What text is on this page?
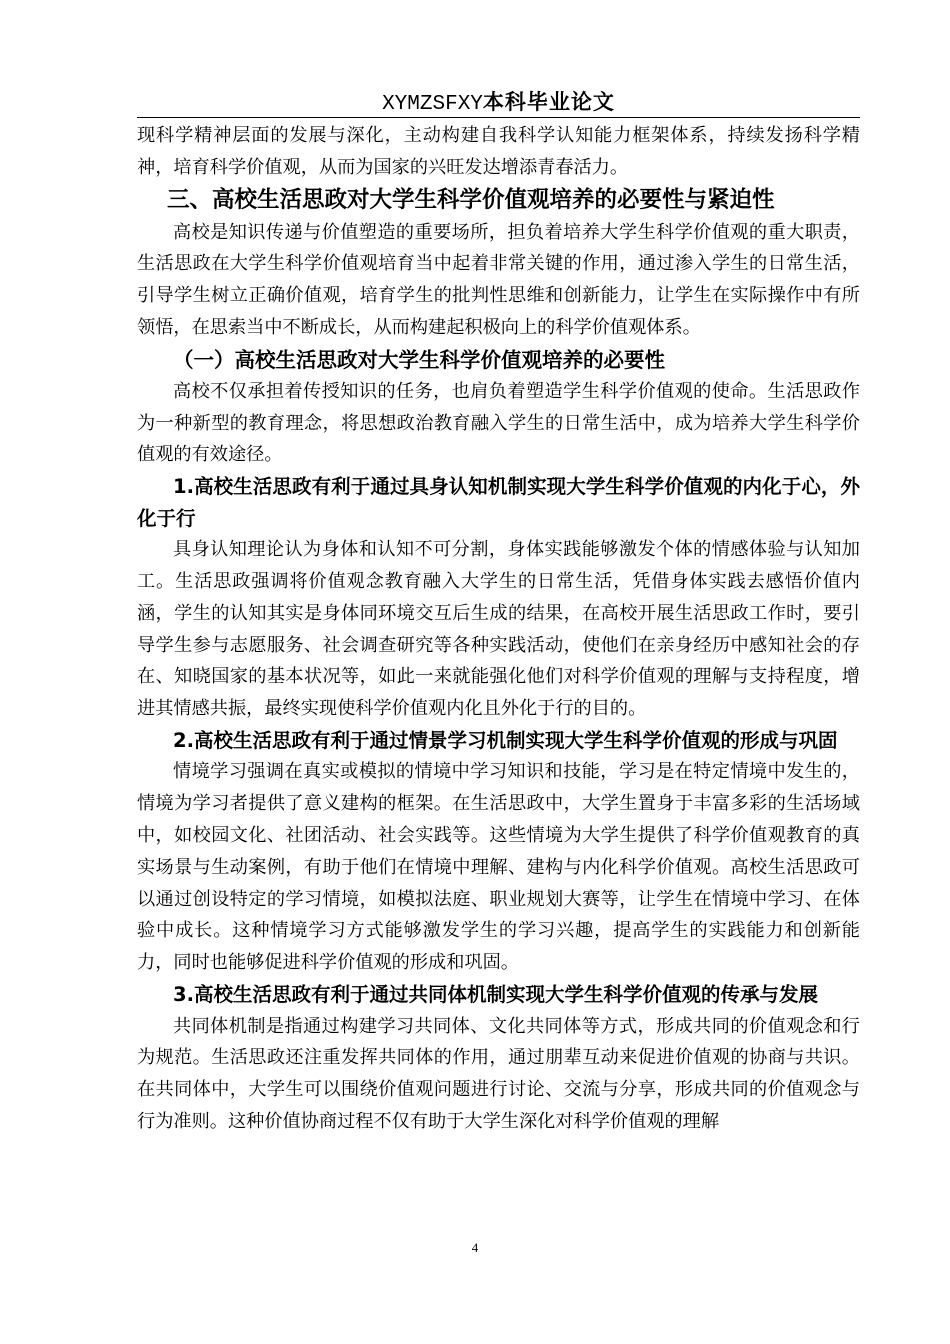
XYMZSFXY本科毕业论文

现科学精神层面的发展与深化，主动构建自我科学认知能力框架体系，持续发扬科学精神，培育科学价值观，从而为国家的兴旺发达增添青春活力。

三、高校生活思政对大学生科学价值观培养的必要性与紧迫性

高校是知识传递与价值塑造的重要场所，担负着培养大学生科学价值观的重大职责，生活思政在大学生科学价值观培育当中起着非常关键的作用，通过渗入学生的日常生活，引导学生树立正确价值观，培育学生的批判性思维和创新能力，让学生在实际操作中有所领悟，在思索当中不断成长，从而构建起积极向上的科学价值观体系。

（一）高校生活思政对大学生科学价值观培养的必要性

高校不仅承担着传授知识的任务，也肩负着塑造学生科学价值观的使命。生活思政作为一种新型的教育理念，将思想政治教育融入学生的日常生活中，成为培养大学生科学价值观的有效途径。

1.高校生活思政有利于通过具身认知机制实现大学生科学价值观的内化于心，外化于行

具身认知理论认为身体和认知不可分割，身体实践能够激发个体的情感体验与认知加工。生活思政强调将价值观念教育融入大学生的日常生活，凭借身体实践去感悟价值内涵，学生的认知其实是身体同环境交互后生成的结果，在高校开展生活思政工作时，要引导学生参与志愿服务、社会调查研究等各种实践活动，使他们在亲身经历中感知社会的存在、知晓国家的基本状况等，如此一来就能强化他们对科学价值观的理解与支持程度，增进其情感共振，最终实现使科学价值观内化且外化于行的目的。

2.高校生活思政有利于通过情景学习机制实现大学生科学价值观的形成与巩固

情境学习强调在真实或模拟的情境中学习知识和技能，学习是在特定情境中发生的，情境为学习者提供了意义建构的框架。在生活思政中，大学生置身于丰富多彩的生活场域中，如校园文化、社团活动、社会实践等。这些情境为大学生提供了科学价值观教育的真实场景与生动案例，有助于他们在情境中理解、建构与内化科学价值观。高校生活思政可以通过创设特定的学习情境，如模拟法庭、职业规划大赛等，让学生在情境中学习、在体验中成长。这种情境学习方式能够激发学生的学习兴趣，提高学生的实践能力和创新能力，同时也能够促进科学价值观的形成和巩固。

3.高校生活思政有利于通过共同体机制实现大学生科学价值观的传承与发展

共同体机制是指通过构建学习共同体、文化共同体等方式，形成共同的价值观念和行为规范。生活思政还注重发挥共同体的作用，通过朋辈互动来促进价值观的协商与共识。在共同体中，大学生可以围绕价值观问题进行讨论、交流与分享，形成共同的价值观念与行为准则。这种价值协商过程不仅有助于大学生深化对科学价值观的理解

4
